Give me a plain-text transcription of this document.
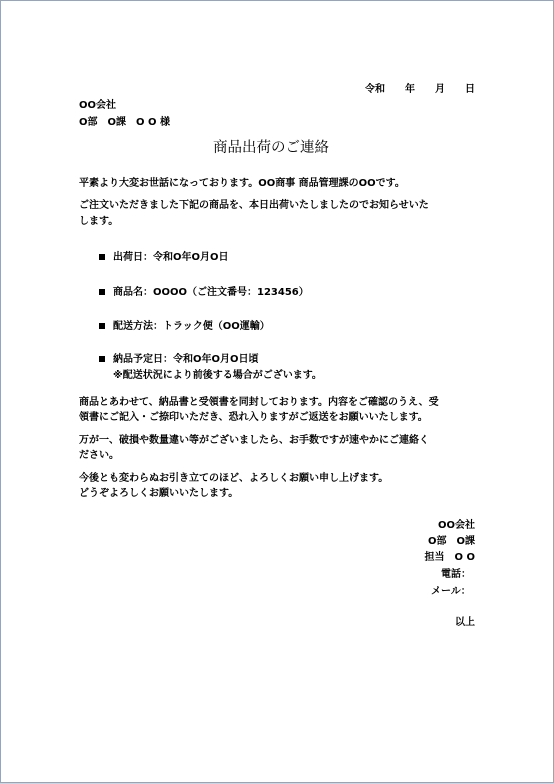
令和　　年　　月　　日
OO会社
O部　O課　O O 様
商品出荷のご連絡
平素より大変お世話になっております。OO商事 商品管理課のOOです。
ご注文いただきました下記の商品を、本日出荷いたしましたのでお知らせいた
します。
出荷日：令和O年O月O日
商品名：OOOO（ご注文番号：123456）
配送方法：トラック便（OO運輸）
納品予定日：令和O年O月O日頃
※配送状況により前後する場合がございます。
商品とあわせて、納品書と受領書を同封しております。内容をご確認のうえ、受
領書にご記入・ご捺印いただき、恐れ入りますがご返送をお願いいたします。
万が一、破損や数量違い等がございましたら、お手数ですが速やかにご連絡く
ださい。
今後とも変わらぬお引き立てのほど、よろしくお願い申し上げます。
どうぞよろしくお願いいたします。
OO会社
O部　O課
担当　O O
電話：
メール：
以上
